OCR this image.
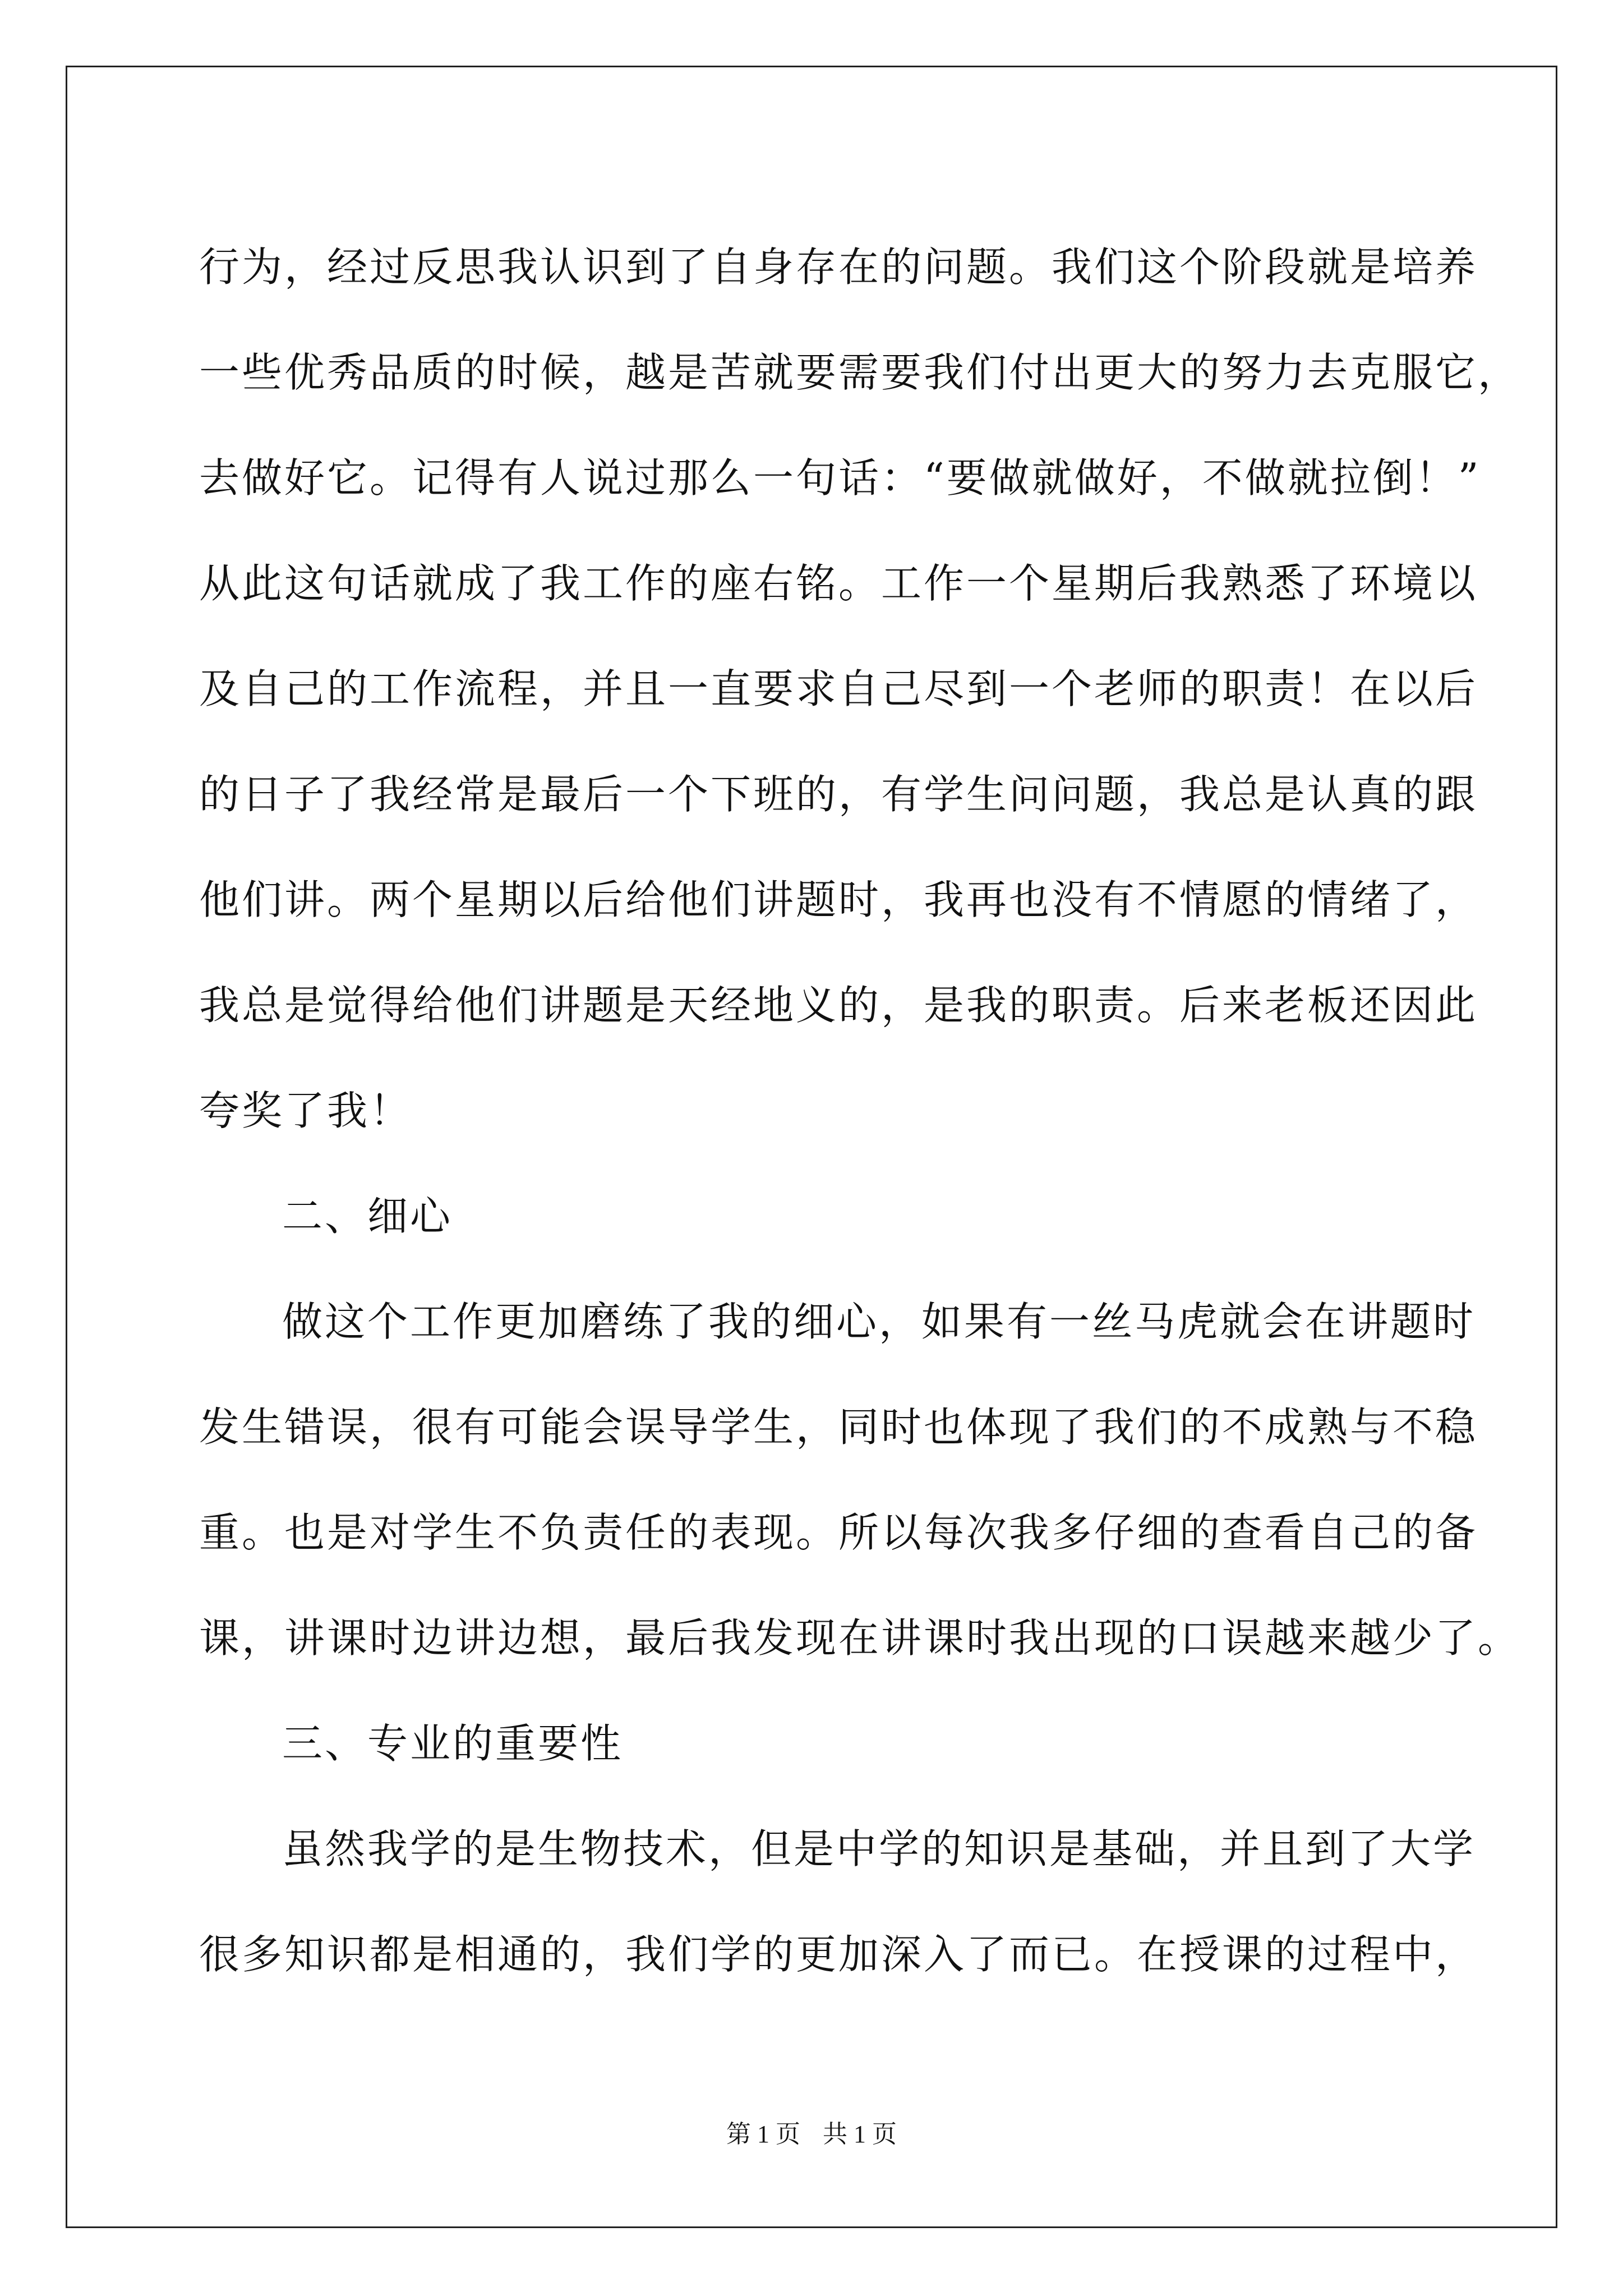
行为，经过反思我认识到了自身存在的问题。我们这个阶段就是培养

一些优秀品质的时候，越是苦就要需要我们付出更大的努力去克服它，

去做好它。记得有人说过那么一句话：“要做就做好，不做就拉倒！”

从此这句话就成了我工作的座右铭。工作一个星期后我熟悉了环境以

及自己的工作流程，并且一直要求自己尽到一个老师的职责！在以后

的日子了我经常是最后一个下班的，有学生问问题，我总是认真的跟

他们讲。两个星期以后给他们讲题时，我再也没有不情愿的情绪了，

我总是觉得给他们讲题是天经地义的，是我的职责。后来老板还因此

夸奖了我！

二、细心

做这个工作更加磨练了我的细心，如果有一丝马虎就会在讲题时

发生错误，很有可能会误导学生，同时也体现了我们的不成熟与不稳

重。也是对学生不负责任的表现。所以每次我多仔细的查看自己的备

课，讲课时边讲边想，最后我发现在讲课时我出现的口误越来越少了。

三、专业的重要性

虽然我学的是生物技术，但是中学的知识是基础，并且到了大学

很多知识都是相通的，我们学的更加深入了而已。在授课的过程中，

第 1 页 共 1 页
